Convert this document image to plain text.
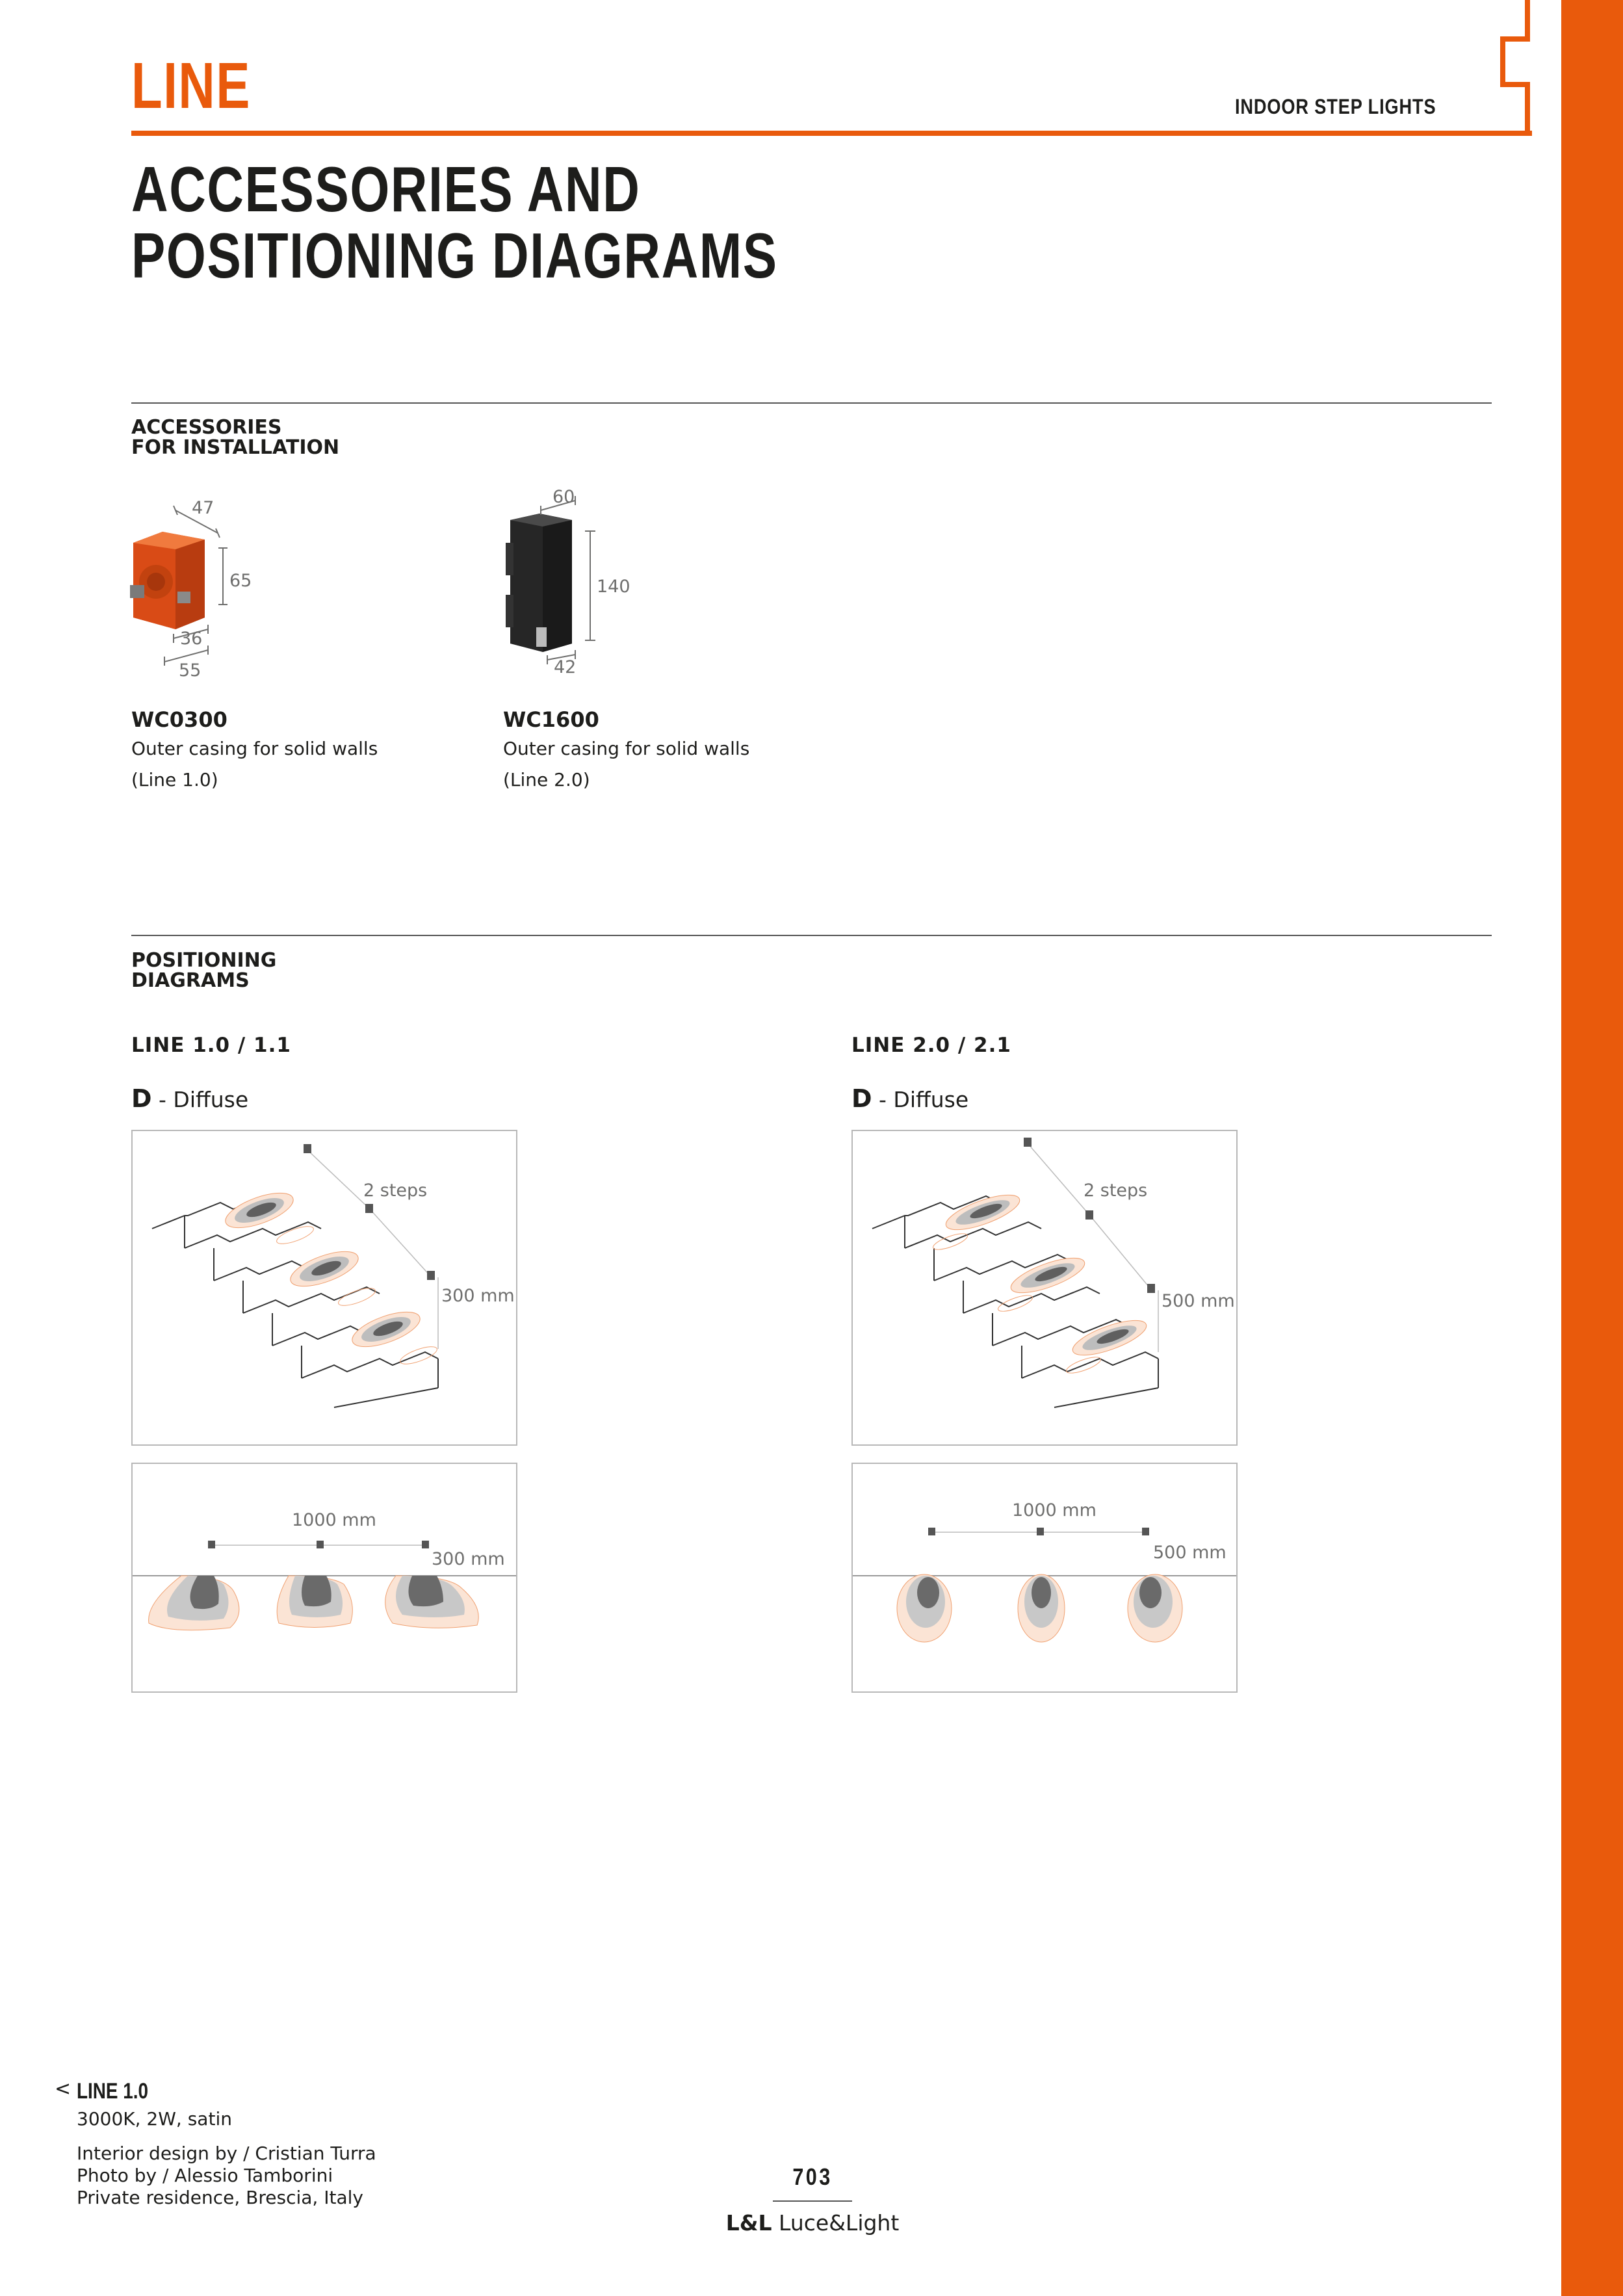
LINE	INDOOR STEP LIGHTS
ACCESSORIES AND
POSITIONING DIAGRAMS
ACCESSORIES
FOR INSTALLATION
47
65
36
55
WC0300
Outer casing for solid walls
(Line 1.0)
60
140
42
WC1600
Outer casing for solid walls
(Line 2.0)
POSITIONING
DIAGRAMS
LINE 1.0 / 1.1
D - Diffuse
2 steps
300 mm
1000 mm
300 mm
LINE 2.0 / 2.1
D - Diffuse
2 steps
500 mm
1000 mm
500 mm
< LINE 1.0
3000K, 2W, satin
Interior design by / Cristian Turra
Photo by / Alessio Tamborini
Private residence, Brescia, Italy
703
L&L Luce&Light
